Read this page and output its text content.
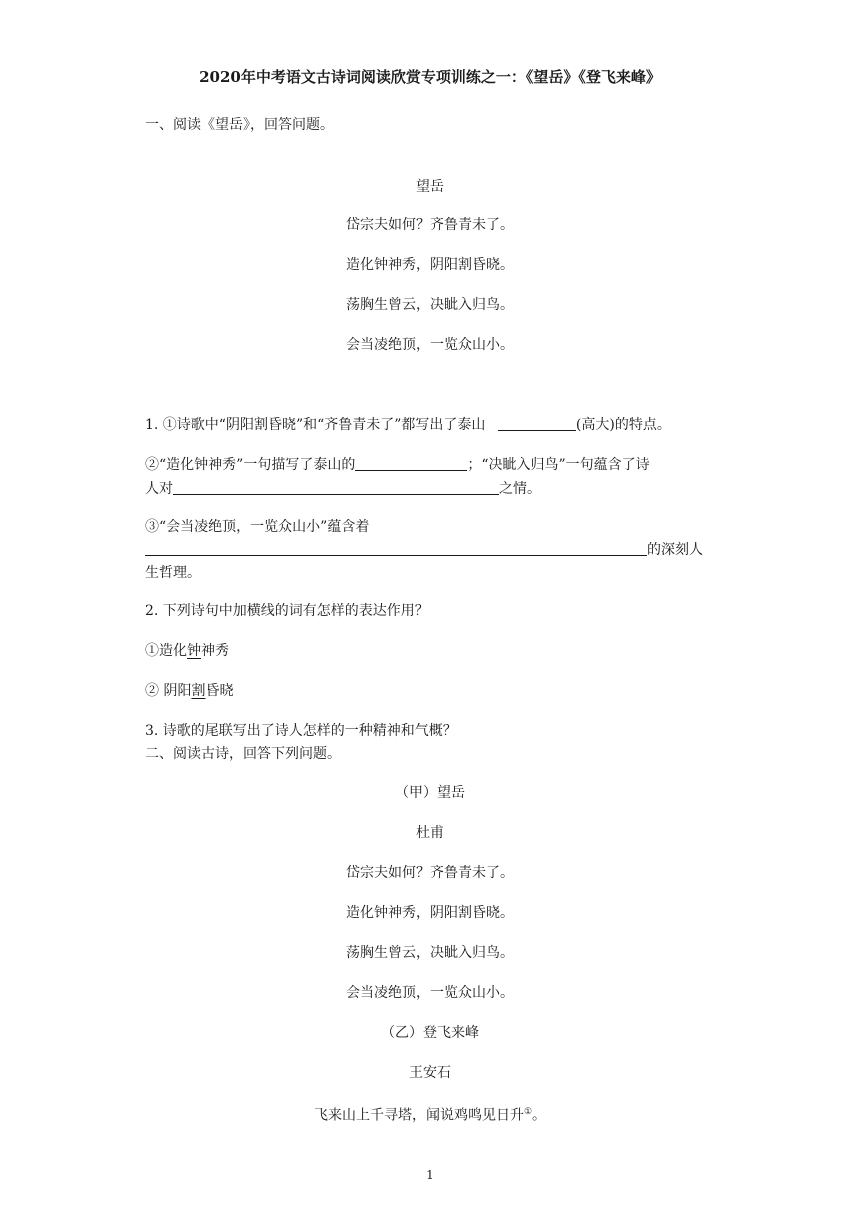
2020年中考语文古诗词阅读欣赏专项训练之一：《望岳》《登飞来峰》
一、阅读《望岳》，回答问题。
望岳
岱宗夫如何？齐鲁青未了。
造化钟神秀，阴阳割昏晓。
荡胸生曾云，决眦入归鸟。
会当凌绝顶，一览众山小。
1. ①诗歌中“阴阳割昏晓”和“齐鲁青未了”都写出了泰山	(高大)的特点。
②“造化钟神秀”一句描写了泰山的	；“决眦入归鸟”一句蕴含了诗
人对	之情。
③“会当凌绝顶，一览众山小”蕴含着
的深刻人
生哲理。
2. 下列诗句中加横线的词有怎样的表达作用？
①造化钟神秀
② 阴阳割昏晓
3. 诗歌的尾联写出了诗人怎样的一种精神和气概？
二、阅读古诗，回答下列问题。
（甲）望岳
杜甫
岱宗夫如何？齐鲁青未了。
造化钟神秀，阴阳割昏晓。
荡胸生曾云，决眦入归鸟。
会当凌绝顶，一览众山小。
（乙）登飞来峰
王安石
飞来山上千寻塔，闻说鸡鸣见日升①。
1
